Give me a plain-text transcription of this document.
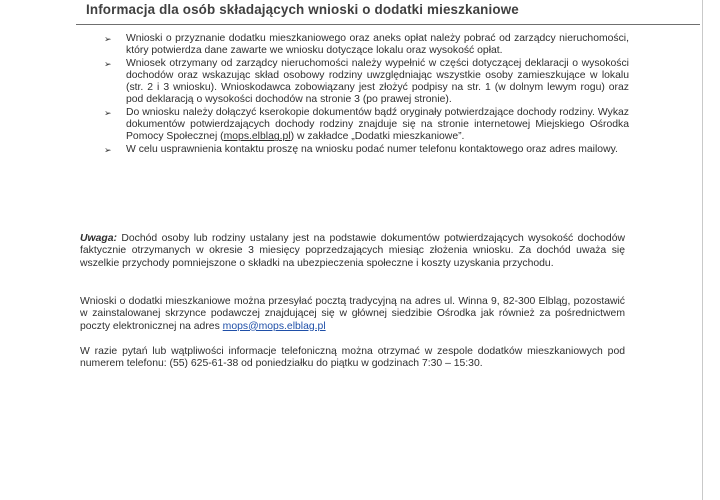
Informacja dla osób składających wnioski o dodatki mieszkaniowe
➢ Wnioski o przyznanie dodatku mieszkaniowego oraz aneks opłat należy pobrać od zarządcy nieruchomości, który potwierdza dane zawarte we wniosku dotyczące lokalu oraz wysokość opłat.
➢ Wniosek otrzymany od zarządcy nieruchomości należy wypełnić w części dotyczącej deklaracji o wysokości dochodów oraz wskazując skład osobowy rodziny uwzględniając wszystkie osoby zamieszkujące w lokalu (str. 2 i 3 wniosku). Wnioskodawca zobowiązany jest złożyć podpisy na str. 1 (w dolnym lewym rogu) oraz pod deklaracją o wysokości dochodów na stronie 3 (po prawej stronie).
➢ Do wniosku należy dołączyć kserokopie dokumentów bądź oryginały potwierdzające dochody rodziny. Wykaz dokumentów potwierdzających dochody rodziny znajduje się na stronie internetowej Miejskiego Ośrodka Pomocy Społecznej (mops.elblag.pl) w zakładce „Dodatki mieszkaniowe”.
➢ W celu usprawnienia kontaktu proszę na wniosku podać numer telefonu kontaktowego oraz adres mailowy.

Uwaga: Dochód osoby lub rodziny ustalany jest na podstawie dokumentów potwierdzających wysokość dochodów faktycznie otrzymanych w okresie 3 miesięcy poprzedzających miesiąc złożenia wniosku. Za dochód uważa się wszelkie przychody pomniejszone o składki na ubezpieczenia społeczne i koszty uzyskania przychodu.

Wnioski o dodatki mieszkaniowe można przesyłać pocztą tradycyjną na adres ul. Winna 9, 82-300 Elbląg, pozostawić w zainstalowanej skrzynce podawczej znajdującej się w głównej siedzibie Ośrodka jak również za pośrednictwem poczty elektronicznej na adres mops@mops.elblag.pl

W razie pytań lub wątpliwości informacje telefoniczną można otrzymać w zespole dodatków mieszkaniowych pod numerem telefonu: (55) 625-61-38 od poniedziałku do piątku w godzinach 7:30 – 15:30.
